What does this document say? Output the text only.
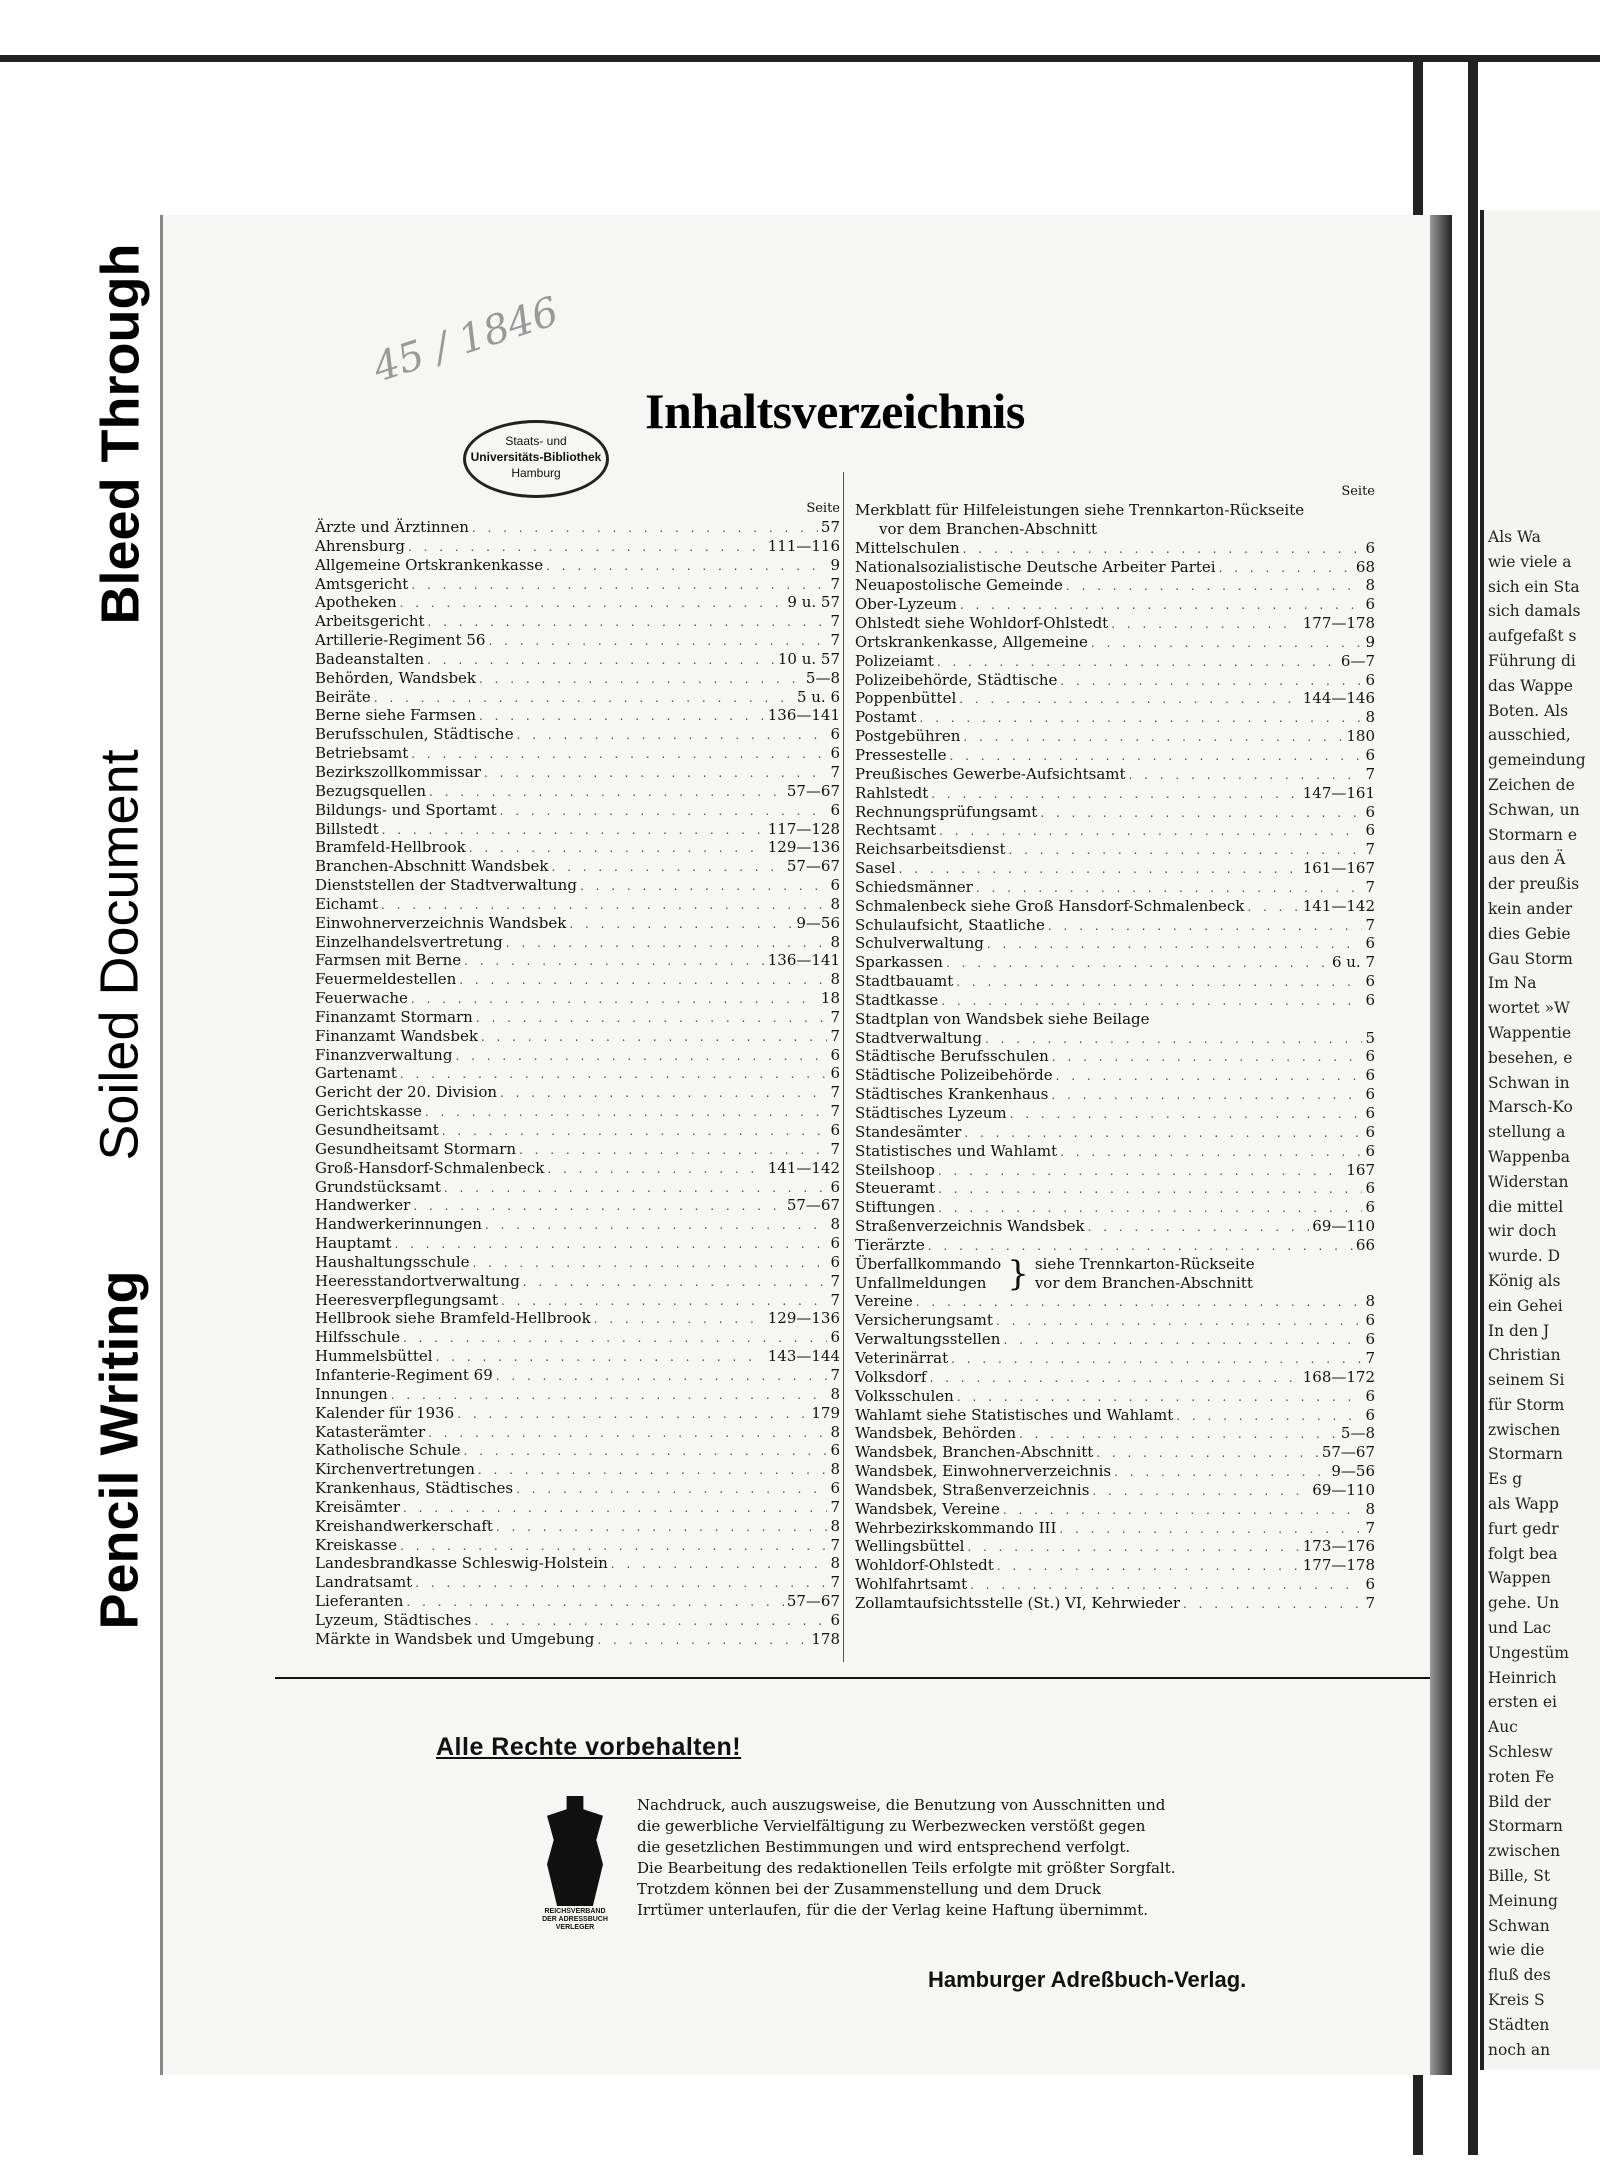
Bleed Through
Soiled Document
Pencil Writing
Als Wa
wie viele a
sich ein Sta
sich damals
aufgefaßt s
Führung di
das Wappe
Boten. Als
ausschied,
gemeindung
Zeichen de
Schwan, un
Stormarn e
aus den Ä
der preußis
kein ander
dies Gebie
Gau Storm
Im Na
wortet »W
Wappentie
besehen, e
Schwan in
Marsch-Ko
stellung a
Wappenba
Widerstan
die mittel
wir doch
wurde. D
König als
ein Gehei
In den J
Christian
seinem Si
für Storm
zwischen
Stormarn
Es g
als Wapp
furt gedr
folgt bea
Wappen
gehe. Un
und Lac
Ungestüm
Heinrich
ersten ei
Auc
Schlesw
roten Fe
Bild der
Stormarn
zwischen
Bille, St
Meinung
Schwan
wie die
fluß des
Kreis S
Städten
noch an
45 / 1846
Staats- und
Universitäts-Bibliothek
Hamburg
Inhaltsverzeichnis
Seite
Ärzte und Ärztinnen . . .	57
Ahrensburg . . .	111—116
Allgemeine Ortskrankenkasse . . .	9
Amtsgericht . . .	7
Apotheken . . .	9 u. 57
Arbeitsgericht . . .	7
Artillerie-Regiment 56 . . .	7
Badeanstalten . . .	10 u. 57
Behörden, Wandsbek . . .	5—8
Beiräte . . .	5 u. 6
Berne siehe Farmsen . . .	136—141
Berufsschulen, Städtische . . .	6
Betriebsamt . . .	6
Bezirkszollkommissar . . .	7
Bezugsquellen . . .	57—67
Bildungs- und Sportamt . . .	6
Billstedt . . .	117—128
Bramfeld-Hellbrook . . .	129—136
Branchen-Abschnitt Wandsbek . . .	57—67
Dienststellen der Stadtverwaltung . . .	6
Eichamt . . .	8
Einwohnerverzeichnis Wandsbek . . .	9—56
Einzelhandelsvertretung . . .	8
Farmsen mit Berne . . .	136—141
Feuermeldestellen . . .	8
Feuerwache . . .	18
Finanzamt Stormarn . . .	7
Finanzamt Wandsbek . . .	7
Finanzverwaltung . . .	6
Gartenamt . . .	6
Gericht der 20. Division . . .	7
Gerichtskasse . . .	7
Gesundheitsamt . . .	6
Gesundheitsamt Stormarn . . .	7
Groß-Hansdorf-Schmalenbeck . . .	141—142
Grundstücksamt . . .	6
Handwerker . . .	57—67
Handwerkerinnungen . . .	8
Hauptamt . . .	6
Haushaltungsschule . . .	6
Heeresstandortverwaltung . . .	7
Heeresverpflegungsamt . . .	7
Hellbrook siehe Bramfeld-Hellbrook . . .	129—136
Hilfsschule . . .	6
Hummelsbüttel . . .	143—144
Infanterie-Regiment 69 . . .	7
Innungen . . .	8
Kalender für 1936 . . .	179
Katasterämter . . .	8
Katholische Schule . . .	6
Kirchenvertretungen . . .	8
Krankenhaus, Städtisches . . .	6
Kreisämter . . .	7
Kreishandwerkerschaft . . .	8
Kreiskasse . . .	7
Landesbrandkasse Schleswig-Holstein . . .	8
Landratsamt . . .	7
Lieferanten . . .	57—67
Lyzeum, Städtisches . . .	6
Märkte in Wandsbek und Umgebung . . .	178
Seite
Merkblatt für Hilfeleistungen siehe Trennkarton-Rückseite
vor dem Branchen-Abschnitt
Mittelschulen . . .	6
Nationalsozialistische Deutsche Arbeiter Partei . . .	68
Neuapostolische Gemeinde . . .	8
Ober-Lyzeum . . .	6
Ohlstedt siehe Wohldorf-Ohlstedt . . .	177—178
Ortskrankenkasse, Allgemeine . . .	9
Polizeiamt . . .	6—7
Polizeibehörde, Städtische . . .	6
Poppenbüttel . . .	144—146
Postamt . . .	8
Postgebühren . . .	180
Pressestelle . . .	6
Preußisches Gewerbe-Aufsichtsamt . . .	7
Rahlstedt . . .	147—161
Rechnungsprüfungsamt . . .	6
Rechtsamt . . .	6
Reichsarbeitsdienst . . .	7
Sasel . . .	161—167
Schiedsmänner . . .	7
Schmalenbeck siehe Groß Hansdorf-Schmalenbeck . . .	141—142
Schulaufsicht, Staatliche . . .	7
Schulverwaltung . . .	6
Sparkassen . . .	6 u. 7
Stadtbauamt . . .	6
Stadtkasse . . .	6
Stadtplan von Wandsbek siehe Beilage
Stadtverwaltung . . .	5
Städtische Berufsschulen . . .	6
Städtische Polizeibehörde . . .	6
Städtisches Krankenhaus . . .	6
Städtisches Lyzeum . . .	6
Standesämter . . .	6
Statistisches und Wahlamt . . .	6
Steilshoop . . .	167
Steueramt . . .	6
Stiftungen . . .	6
Straßenverzeichnis Wandsbek . . .	69—110
Tierärzte . . .	66
Überfallkommando
Unfallmeldungen } siehe Trennkarton-Rückseite
vor dem Branchen-Abschnitt
Vereine . . .	8
Versicherungsamt . . .	6
Verwaltungsstellen . . .	6
Veterinärrat . . .	7
Volksdorf . . .	168—172
Volksschulen . . .	6
Wahlamt siehe Statistisches und Wahlamt . . .	6
Wandsbek, Behörden . . .	5—8
Wandsbek, Branchen-Abschnitt . . .	57—67
Wandsbek, Einwohnerverzeichnis . . .	9—56
Wandsbek, Straßenverzeichnis . . .	69—110
Wandsbek, Vereine . . .	8
Wehrbezirkskommando III . . .	7
Wellingsbüttel . . .	173—176
Wohldorf-Ohlstedt . . .	177—178
Wohlfahrtsamt . . .	6
Zollamtaufsichtsstelle (St.) VI, Kehrwieder . . .	7
Alle Rechte vorbehalten!
REICHSVERBAND
DER ADRESSBUCH
VERLEGER
Nachdruck, auch auszugsweise, die Benutzung von Ausschnitten und
die gewerbliche Vervielfältigung zu Werbezwecken verstößt gegen
die gesetzlichen Bestimmungen und wird entsprechend verfolgt.
Die Bearbeitung des redaktionellen Teils erfolgte mit größter Sorgfalt.
Trotzdem können bei der Zusammenstellung und dem Druck
Irrtümer unterlaufen, für die der Verlag keine Haftung übernimmt.
Hamburger Adreßbuch-Verlag.
